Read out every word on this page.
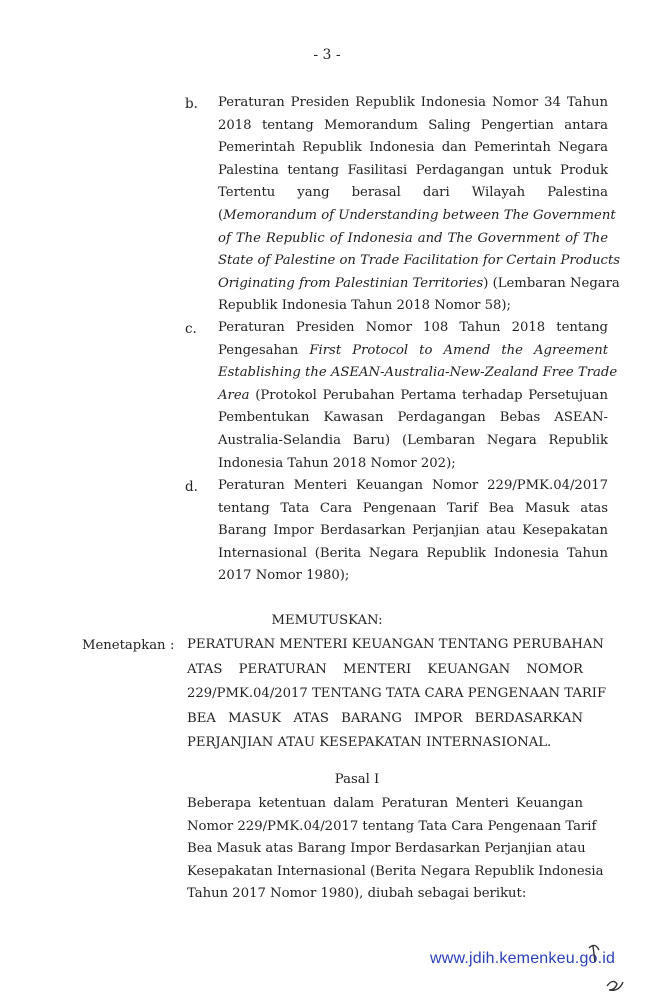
- 3 -
b. Peraturan Presiden Republik Indonesia Nomor 34 Tahun
2018 tentang Memorandum Saling Pengertian antara
Pemerintah Republik Indonesia dan Pemerintah Negara
Palestina tentang Fasilitasi Perdagangan untuk Produk
Tertentu yang berasal dari Wilayah Palestina
(Memorandum of Understanding between The Government
of The Republic of Indonesia and The Government of The
State of Palestine on Trade Facilitation for Certain Products
Originating from Palestinian Territories) (Lembaran Negara
Republik Indonesia Tahun 2018 Nomor 58);
c. Peraturan Presiden Nomor 108 Tahun 2018 tentang
Pengesahan First Protocol to Amend the Agreement
Establishing the ASEAN-Australia-New-Zealand Free Trade
Area (Protokol Perubahan Pertama terhadap Persetujuan
Pembentukan Kawasan Perdagangan Bebas ASEAN-
Australia-Selandia Baru) (Lembaran Negara Republik
Indonesia Tahun 2018 Nomor 202);
d. Peraturan Menteri Keuangan Nomor 229/PMK.04/2017
tentang Tata Cara Pengenaan Tarif Bea Masuk atas
Barang Impor Berdasarkan Perjanjian atau Kesepakatan
Internasional (Berita Negara Republik Indonesia Tahun
2017 Nomor 1980);
MEMUTUSKAN:
Menetapkan : PERATURAN MENTERI KEUANGAN TENTANG PERUBAHAN
ATAS PERATURAN MENTERI KEUANGAN NOMOR
229/PMK.04/2017 TENTANG TATA CARA PENGENAAN TARIF
BEA MASUK ATAS BARANG IMPOR BERDASARKAN
PERJANJIAN ATAU KESEPAKATAN INTERNASIONAL.
Pasal I
Beberapa ketentuan dalam Peraturan Menteri Keuangan
Nomor 229/PMK.04/2017 tentang Tata Cara Pengenaan Tarif
Bea Masuk atas Barang Impor Berdasarkan Perjanjian atau
Kesepakatan Internasional (Berita Negara Republik Indonesia
Tahun 2017 Nomor 1980), diubah sebagai berikut:
www.jdih.kemenkeu.go.id
